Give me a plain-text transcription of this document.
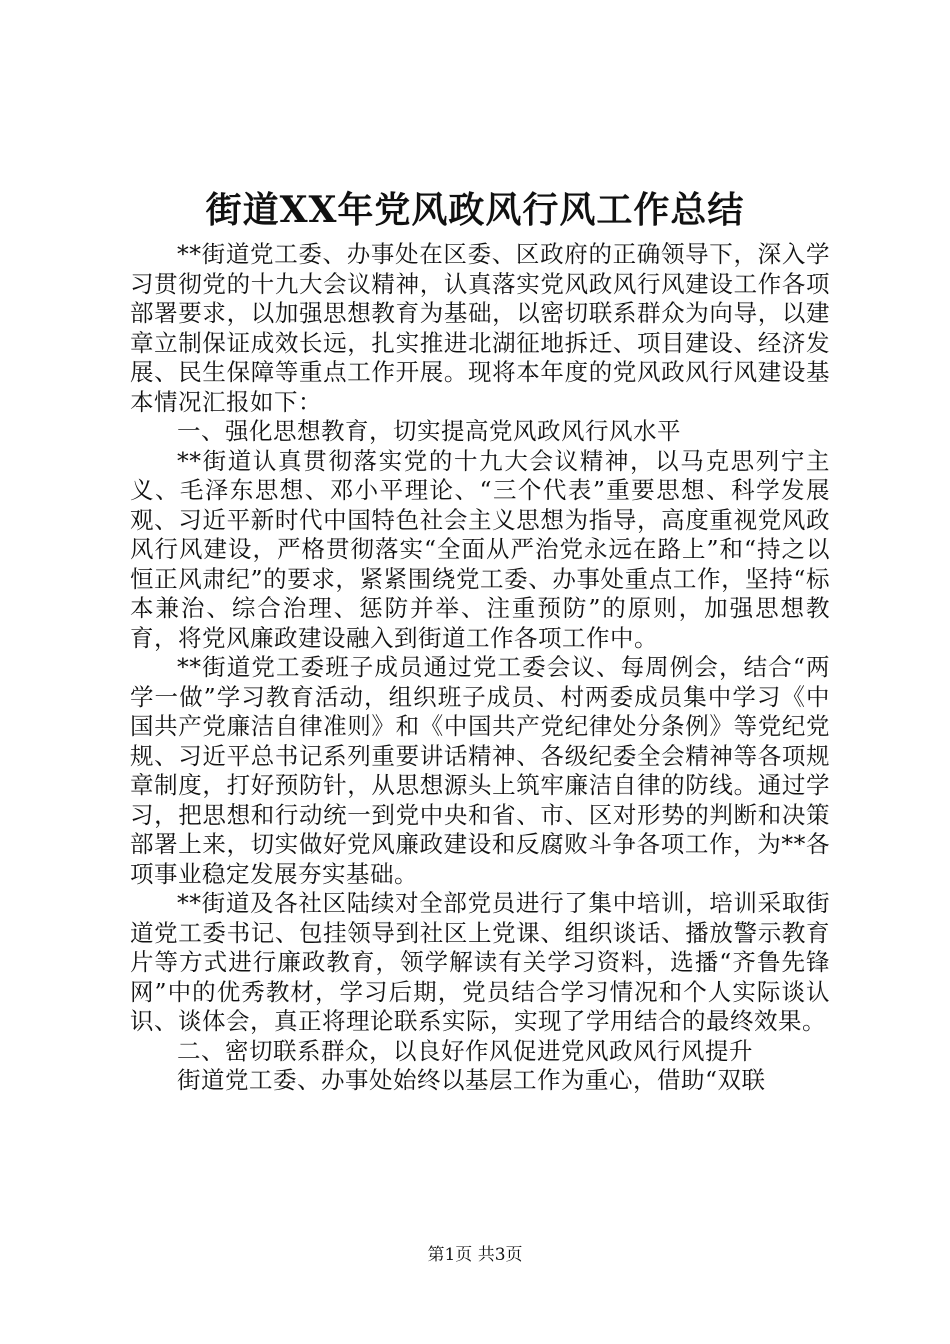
街道XX年党风政风行风工作总结

**街道党工委、办事处在区委、区政府的正确领导下，深入学习贯彻党的十九大会议精神，认真落实党风政风行风建设工作各项部署要求，以加强思想教育为基础，以密切联系群众为向导，以建章立制保证成效长远，扎实推进北湖征地拆迁、项目建设、经济发展、民生保障等重点工作开展。现将本年度的党风政风行风建设基本情况汇报如下：

一、强化思想教育，切实提高党风政风行风水平

**街道认真贯彻落实党的十九大会议精神，以马克思列宁主义、毛泽东思想、邓小平理论、“三个代表”重要思想、科学发展观、习近平新时代中国特色社会主义思想为指导，高度重视党风政风行风建设，严格贯彻落实“全面从严治党永远在路上”和“持之以恒正风肃纪”的要求，紧紧围绕党工委、办事处重点工作，坚持“标本兼治、综合治理、惩防并举、注重预防”的原则，加强思想教育，将党风廉政建设融入到街道工作各项工作中。

**街道党工委班子成员通过党工委会议、每周例会，结合“两学一做”学习教育活动，组织班子成员、村两委成员集中学习《中国共产党廉洁自律准则》和《中国共产党纪律处分条例》等党纪党规、习近平总书记系列重要讲话精神、各级纪委全会精神等各项规章制度，打好预防针，从思想源头上筑牢廉洁自律的防线。通过学习，把思想和行动统一到党中央和省、市、区对形势的判断和决策部署上来，切实做好党风廉政建设和反腐败斗争各项工作，为**各项事业稳定发展夯实基础。

**街道及各社区陆续对全部党员进行了集中培训，培训采取街道党工委书记、包挂领导到社区上党课、组织谈话、播放警示教育片等方式进行廉政教育，领学解读有关学习资料，选播“齐鲁先锋网”中的优秀教材，学习后期，党员结合学习情况和个人实际谈认识、谈体会，真正将理论联系实际，实现了学用结合的最终效果。

二、密切联系群众，以良好作风促进党风政风行风提升

街道党工委、办事处始终以基层工作为重心，借助“双联

第1页 共3页
